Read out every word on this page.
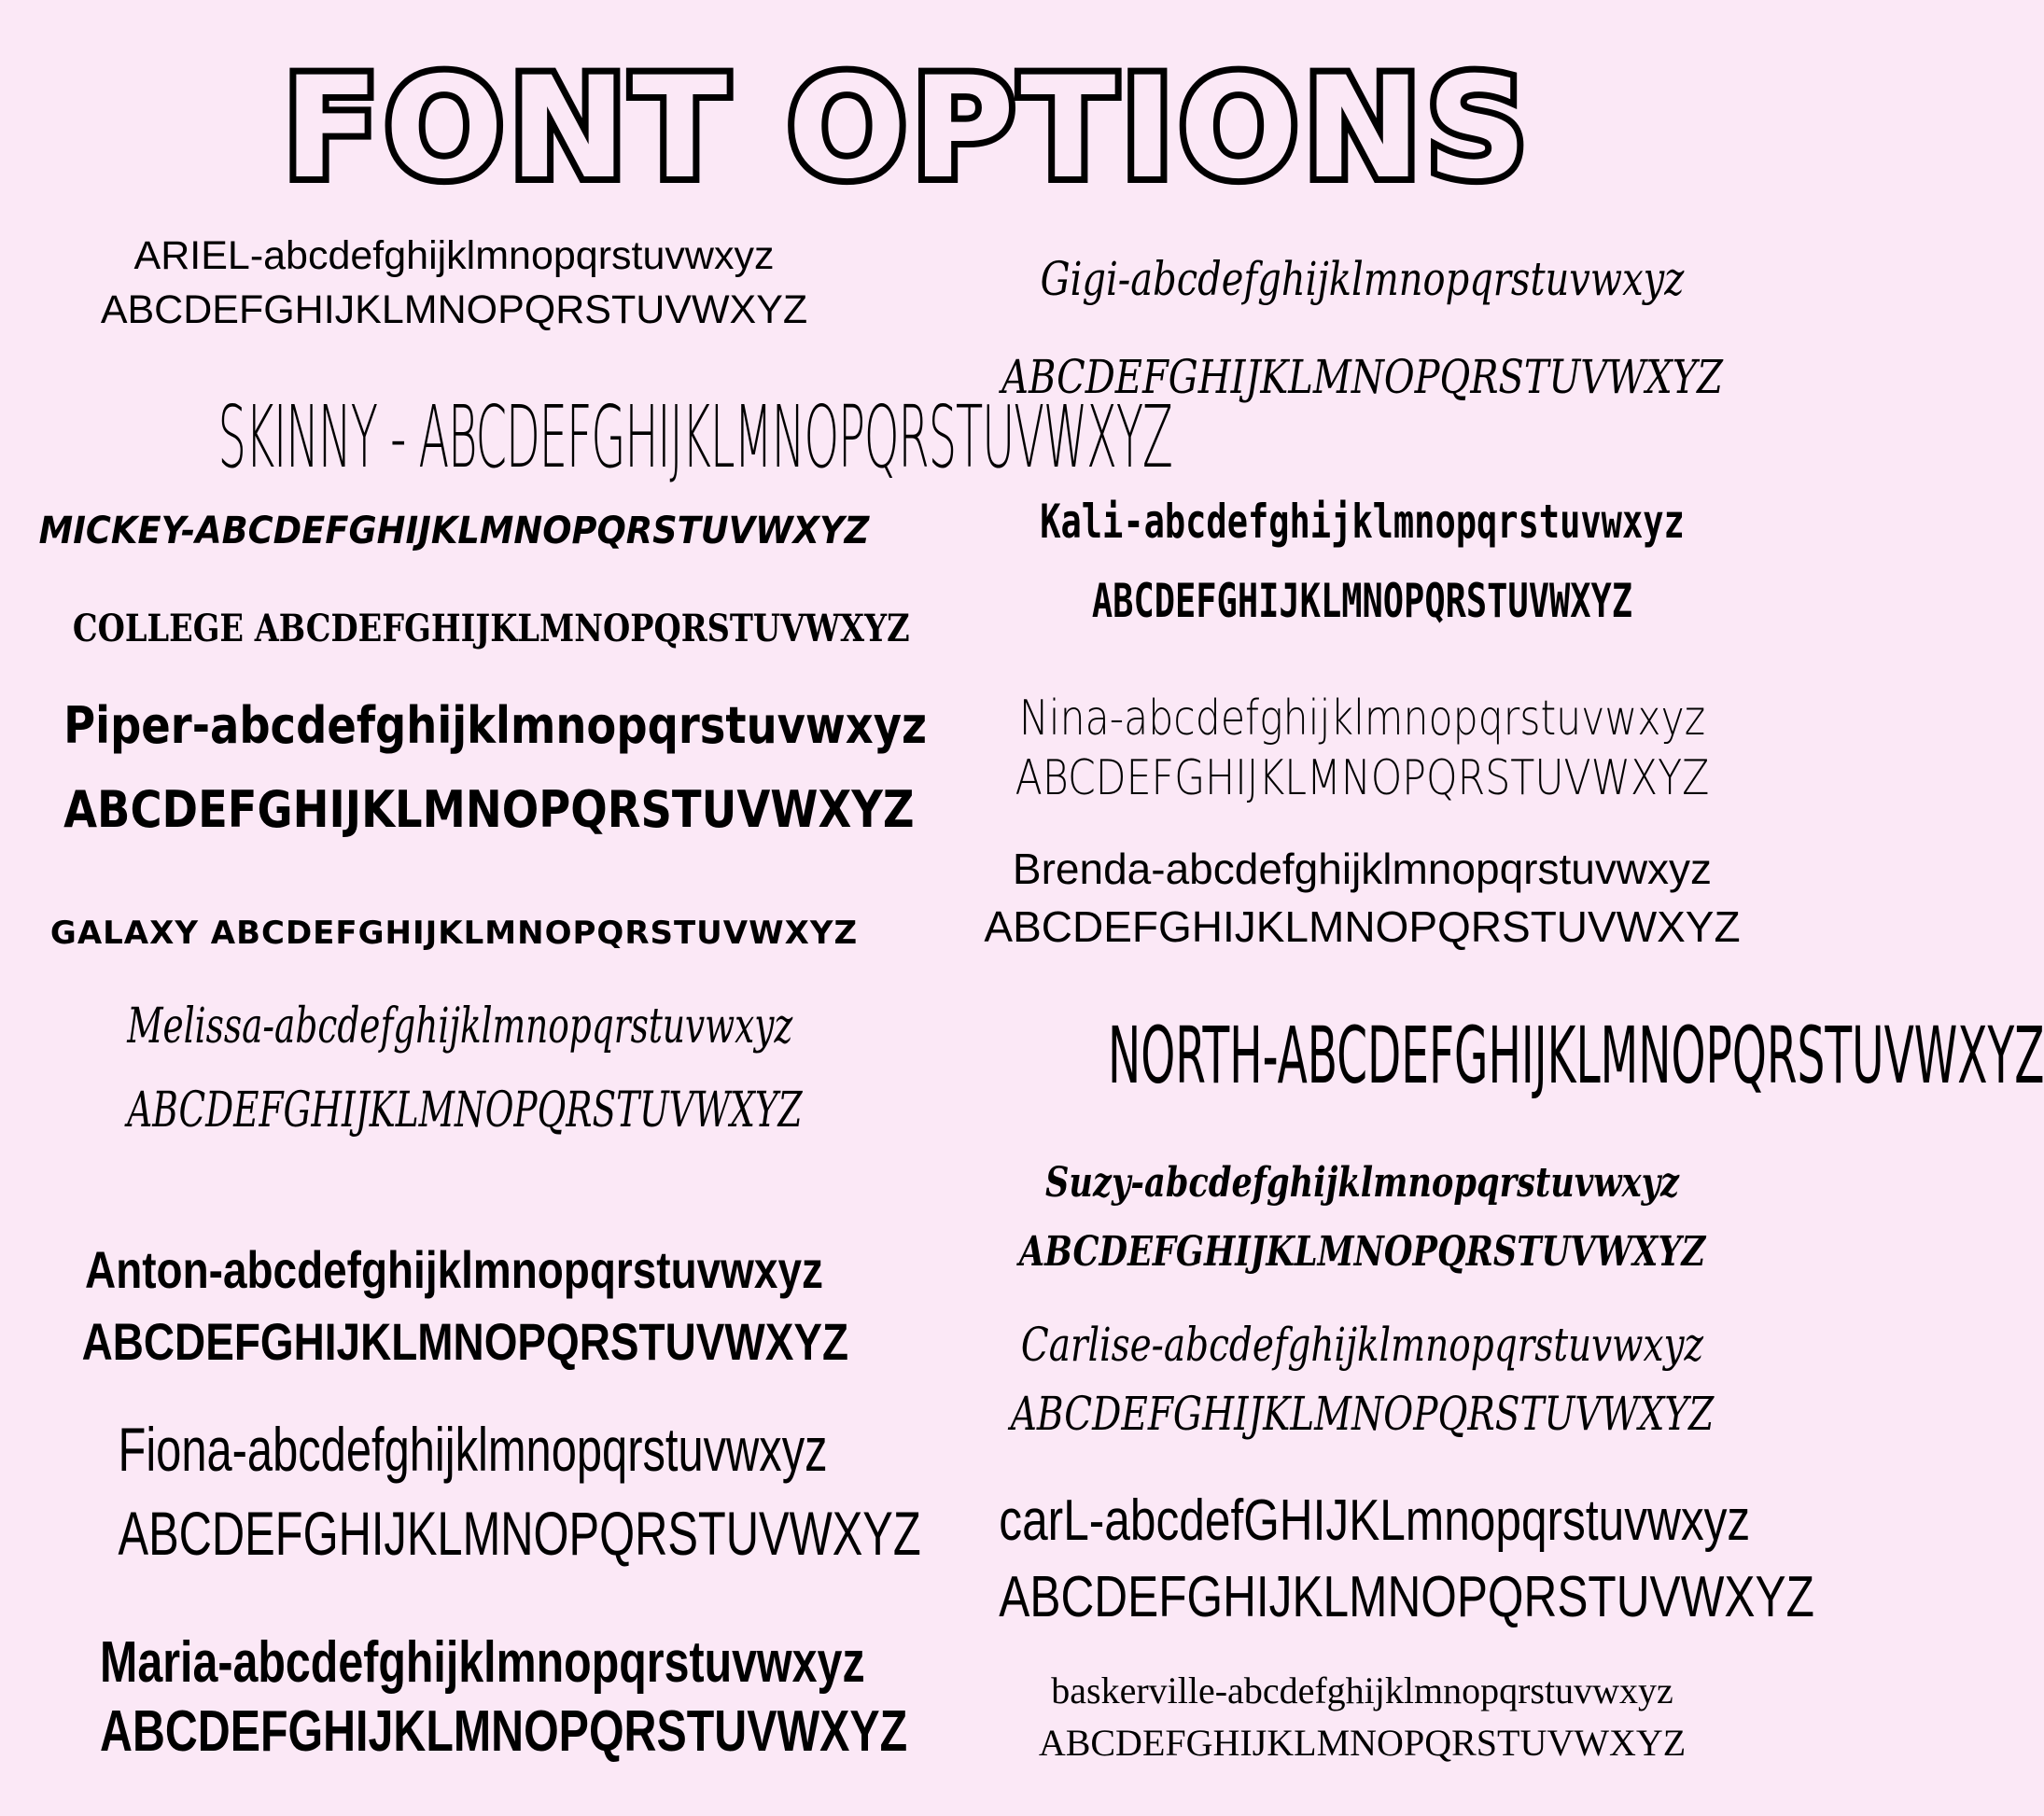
FONT OPTIONS
ARIEL-abcdefghijklmnopqrstuvwxyz
ABCDEFGHIJKLMNOPQRSTUVWXYZ
SKINNY - ABCDEFGHIJKLMNOPQRSTUVWXYZ
MICKEY-ABCDEFGHIJKLMNOPQRSTUVWXYZ
COLLEGE ABCDEFGHIJKLMNOPQRSTUVWXYZ
Piper-abcdefghijklmnopqrstuvwxyz
ABCDEFGHIJKLMNOPQRSTUVWXYZ
GALAXY ABCDEFGHIJKLMNOPQRSTUVWXYZ
Melissa-abcdefghijklmnopqrstuvwxyz
ABCDEFGHIJKLMNOPQRSTUVWXYZ
Anton-abcdefghijklmnopqrstuvwxyz
ABCDEFGHIJKLMNOPQRSTUVWXYZ
Fiona-abcdefghijklmnopqrstuvwxyz
ABCDEFGHIJKLMNOPQRSTUVWXYZ
Maria-abcdefghijklmnopqrstuvwxyz
ABCDEFGHIJKLMNOPQRSTUVWXYZ
Gigi-abcdefghijklmnopqrstuvwxyz
ABCDEFGHIJKLMNOPQRSTUVWXYZ
Kali-abcdefghijklmnopqrstuvwxyz
ABCDEFGHIJKLMNOPQRSTUVWXYZ
Nina-abcdefghijklmnopqrstuvwxyz
ABCDEFGHIJKLMNOPQRSTUVWXYZ
Brenda-abcdefghijklmnopqrstuvwxyz
ABCDEFGHIJKLMNOPQRSTUVWXYZ
NORTH-ABCDEFGHIJKLMNOPQRSTUVWXYZ
Suzy-abcdefghijklmnopqrstuvwxyz
ABCDEFGHIJKLMNOPQRSTUVWXYZ
Carlise-abcdefghijklmnopqrstuvwxyz
ABCDEFGHIJKLMNOPQRSTUVWXYZ
carL-abcdefGHIJKLmnopqrstuvwxyz
ABCDEFGHIJKLMNOPQRSTUVWXYZ
baskerville-abcdefghijklmnopqrstuvwxyz
ABCDEFGHIJKLMNOPQRSTUVWXYZ
